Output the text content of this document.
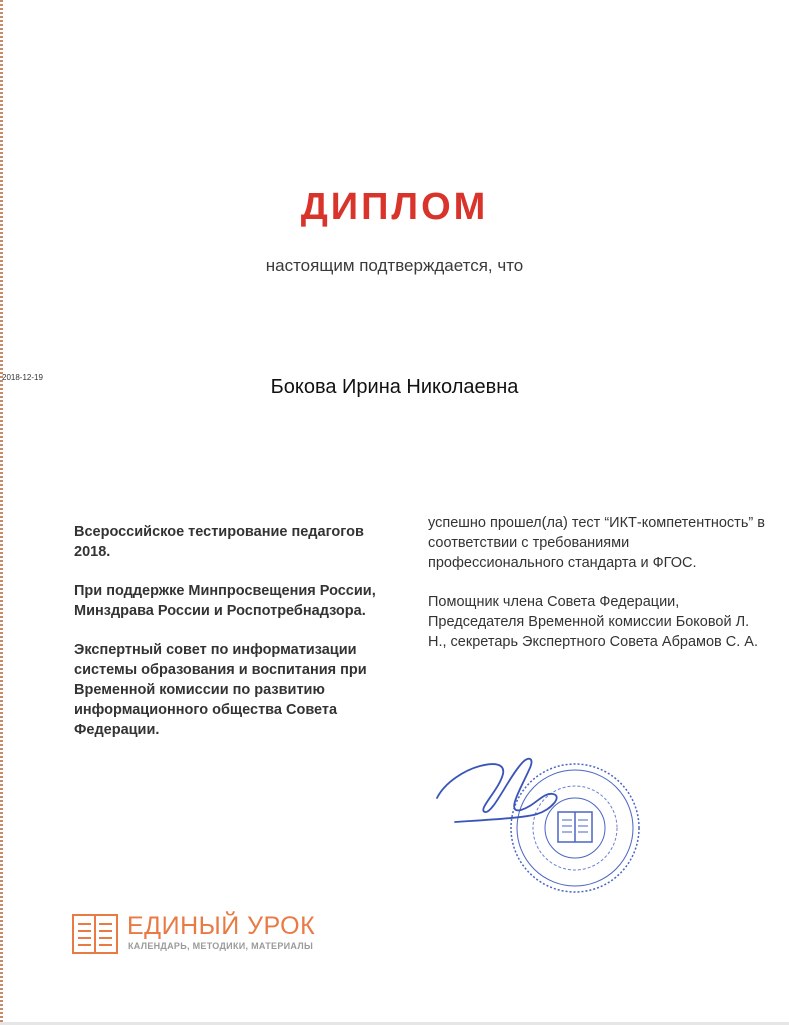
ДИПЛОМ
настоящим подтверждается, что
2018-12-19	Бокова Ирина Николаевна

Всероссийское тестирование педагогов 2018.

При поддержке Минпросвещения России, Минздрава России и Роспотребнадзора.

Экспертный совет по информатизации системы образования и воспитания при Временной комиссии по развитию информационного общества Совета Федерации.

успешно прошел(ла) тест “ИКТ-компетентность” в соответствии с требованиями профессионального стандарта и ФГОС.

Помощник члена Совета Федерации, Председателя Временной комиссии Боковой Л. Н., секретарь Экспертного Совета Абрамов С. А.

ЕДИНЫЙ УРОК
КАЛЕНДАРЬ, МЕТОДИКИ, МАТЕРИАЛЫ
